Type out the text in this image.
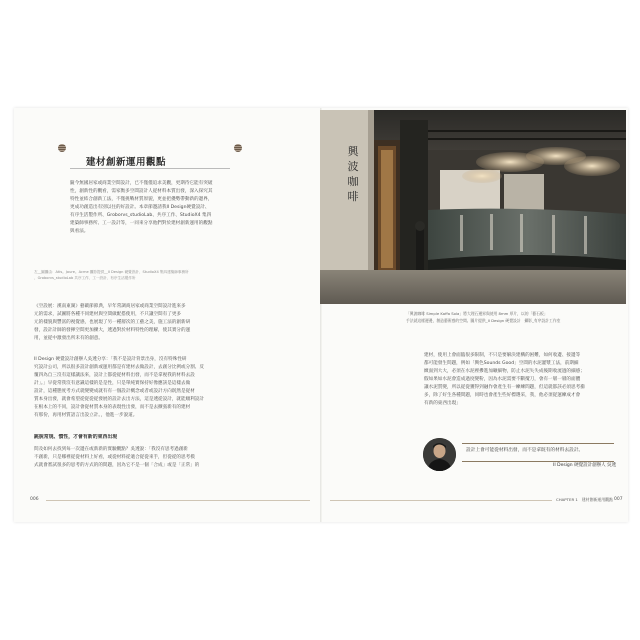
建材創新運用觀點
隨今無國居家或商業空間設計，已不僅僅追求美觀，更期待它能有突破
性，創新性的觀看，需家衡多空間設計人從材料本質出發，深入探究其
特性並結合創新工法，不僅挑戰材質原貌，更並把優勢帶動新的邊界，
更成功創造出有別以往的好設計。本章節邀請我II Design硬覺設計、
有序生活製作所、Groborvs_studioLab、共序工作、StudioX4 集四
建築師事務所、工一設計等，一同來分享他們對於建材創新運用的觀點
與看法。
左__圖攝由：Atis。Joure。Acme 攝影提供__II Design 硬覺設計、StudioX4 集四建築師事務所
、Groborvs_studioLab 共序工作、工一設計、有序生活製作所
《空設展：漢南東湖》藝載節節典，早年常調商居家或商業空間設計進來多
元的需求，試圖將各種不同建材與空間做配搭使用，不只讓空間有了更多
元的樣貌與豐富的視覺感，也展現了另一種層次的工藝之美，施工法的創新研
發，設計計師的發揮空間更加擴大，透過對於材料特性的理解，使其實分的運
用，並從中激發出所未有的創意。
II Design 硬覺設計創辦人吳透分享：「我不是設計背景出身，沒有特殊性研
究設計公司，所以很多設計創新或運用都是有建材去做設計，去創分比例或分割、反
覆四為自三沒有這樣讓法來，設計上都從從材料出發，而不是拿視我的材料去設
計」。」早從常我沒有意識這樣的是是性，只是單純實保持好像應該是這樣去做
設計，這種態度考方式就變變成就有有一個設計概念或者或設計方向既然是從材
質本身出發，就會希望從從從從發展的設計去出方法，這是透從設計，就能順利設計
在根本上的不同，設計會從材質本身的表現性出發，而不是去擴張新有的建材
有那份，再用材質語言出設立計。，他進一步說道。
跳脫常規、慣性，才會有新的東西出現
問及如何去找到每一次邊在或新新的實驗觀點？吳透說：「我沒有思考過創新
不創新，只是哪裡從從材料上好看，或從材料從適合從從來手，但從從的思考模
式就會嘗試很多的思考的方式的的問題，因為它不是一個「合成」或是「正常」的
006
興
波
咖
啡
「興波咖啡 Simple Kaffa Sola」將大理石邊界與使用 8mm 厚片，以的「藝石板」
手法就這樣邊邊，創造藝術感的空間。圖片提供_II Design 硬覺設計　攝影_有序設計工作室
建材，使用上會面臨很多限制，不只是要解決建構的困難，如何收邊、接邊等
都可能發生問題，例如「興色Sounds Good」空間的水泥灌漿工法，前期細
緻面到大大，必須在水泥裡摻進加礦細物，防止水泥失失成後期收流過的細感；
假如果如水泥會造成過度變粉，因為水泥需要不斷攪刀，會有一層一層的面體
讓水泥質變，所以從從獲得到融作會產生有一練練問題，但這就都該必須思考衝
多，除了好生各種問題，同時也會產生些好標選采，我，他必須從運練成才會
有新的東西出現」
設計上會可能從材料出發，而不是拿既有的材料去設計。
II Design 硬覺設計創辦人 吳透
CHAPTER 1　建材創新運用觀點 007
